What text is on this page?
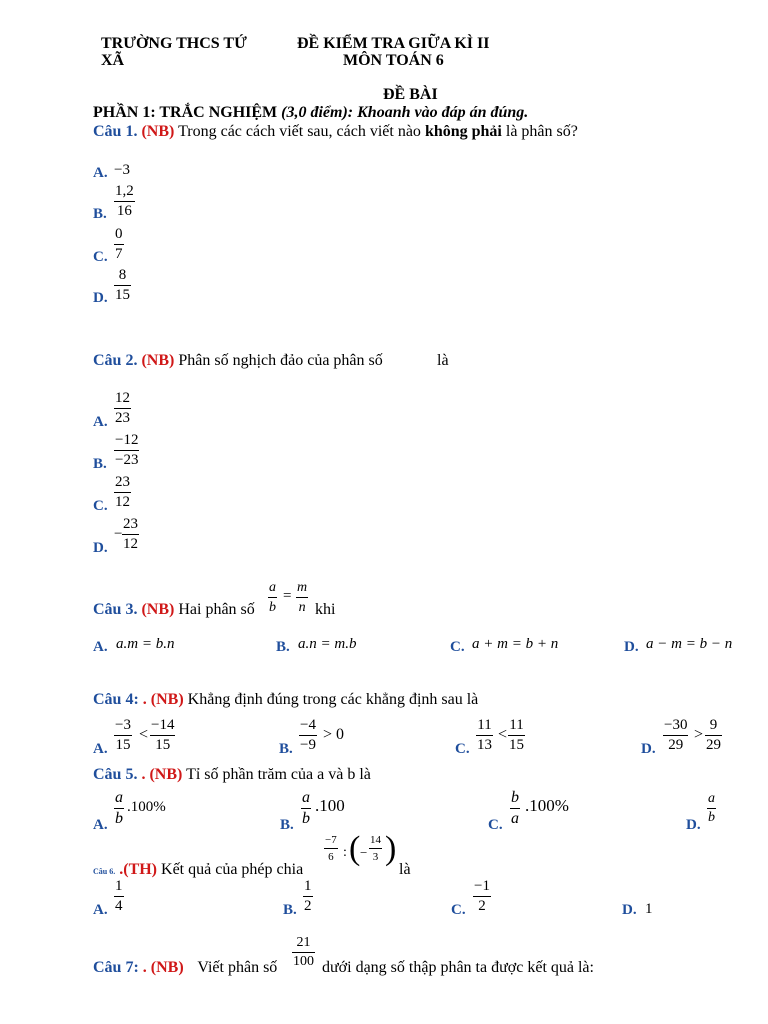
TRƯỜNG THCS TỨ
XÃ
ĐỀ KIỂM TRA GIỮA KÌ II
MÔN TOÁN 6
ĐỀ BÀI
PHẦN 1: TRẮC NGHIỆM (3,0 điểm): Khoanh vào đáp án đúng.
Câu 1. (NB) Trong các cách viết sau, cách viết nào không phải là phân số?
A. −3
B.
1,2
16
C.
0
7
D.
8
15
Câu 2. (NB) Phân số nghịch đảo của phân số	là
A.
12
23
B.
−12
−23
C.
23
12
D.
−
23
12
Câu 3. (NB) Hai phân số
a
b
=
m
n khi
A. a.m = b.n	B. a.n = m.b	C. a + m = b + n	D. a − m = b − n
Câu 4: . (NB) Khẳng định đúng trong các khẳng định sau là
A.
−3
15
<
−14
15	B.
−4
−9
> 0
C.
11
13
<
11
15	D.
−30
29
>
9
29
Câu 5. . (NB) Tỉ số phần trăm của a và b là
A.
a
b
.100%
B.
a
b
.100
C.
b
a
.100%
D.
a
b
Câu 6. .(TH) Kết quả của phép chia
−7
6 : ( −
14
3 )
là
A.
1
4	B.
1
2	C.
−1
2	D. 1
Câu 7: . (NB) Viết phân số
21
100 dưới dạng số thập phân ta được kết quả là:
